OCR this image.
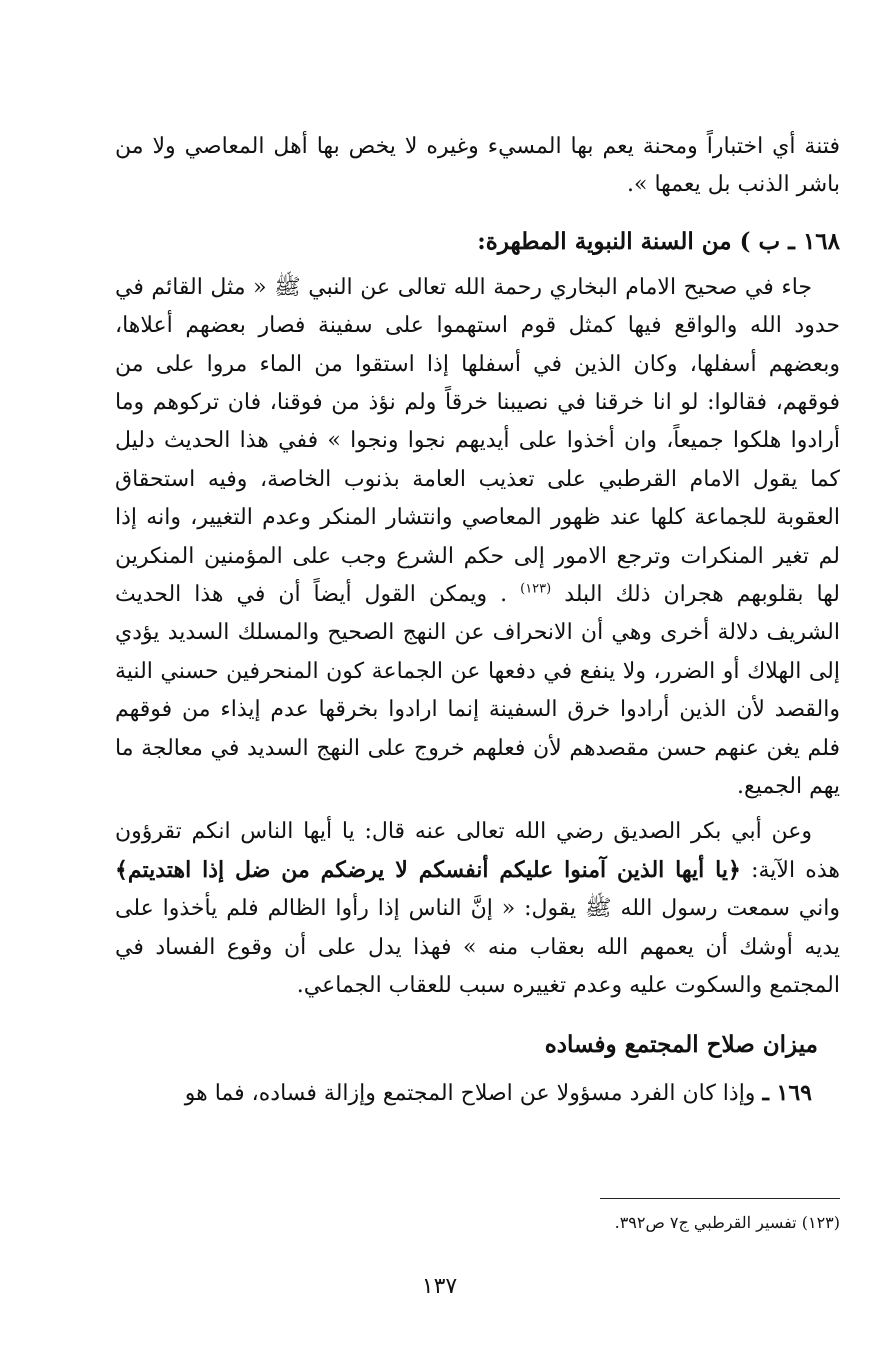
فتنة أي اختباراً ومحنة يعم بها المسيء وغيره لا يخص بها أهل المعاصي ولا من باشر الذنب بل يعمها ».

١٦٨ ـ ب ) من السنة النبوية المطهرة:

جاء في صحيح الامام البخاري رحمة الله تعالى عن النبي ﷺ « مثل القائم في حدود الله والواقع فيها كمثل قوم استهموا على سفينة فصار بعضهم أعلاها، وبعضهم أسفلها، وكان الذين في أسفلها إذا استقوا من الماء مروا على من فوقهم، فقالوا: لو انا خرقنا في نصيبنا خرقاً ولم نؤذ من فوقنا، فان تركوهم وما أرادوا هلكوا جميعاً، وان أخذوا على أيديهم نجوا ونجوا » ففي هذا الحديث دليل كما يقول الامام القرطبي على تعذيب العامة بذنوب الخاصة، وفيه استحقاق العقوبة للجماعة كلها عند ظهور المعاصي وانتشار المنكر وعدم التغيير، وانه إذا لم تغير المنكرات وترجع الامور إلى حكم الشرع وجب على المؤمنين المنكرين لها بقلوبهم هجران ذلك البلد $^{(١٢٣)}$ . ويمكن القول أيضاً أن في هذا الحديث الشريف دلالة أخرى وهي أن الانحراف عن النهج الصحيح والمسلك السديد يؤدي إلى الهلاك أو الضرر، ولا ينفع في دفعها عن الجماعة كون المنحرفين حسني النية والقصد لأن الذين أرادوا خرق السفينة إنما ارادوا بخرقها عدم إيذاء من فوقهم فلم يغن عنهم حسن مقصدهم لأن فعلهم خروج على النهج السديد في معالجة ما يهم الجميع.

وعن أبي بكر الصديق رضي الله تعالى عنه قال: يا أيها الناس انكم تقرؤون هذه الآية: ﴿يا أيها الذين آمنوا عليكم أنفسكم لا يرضكم من ضل إذا اهتديتم﴾ واني سمعت رسول الله ﷺ يقول: « إنَّ الناس إذا رأوا الظالم فلم يأخذوا على يديه أوشك أن يعمهم الله بعقاب منه » فهذا يدل على أن وقوع الفساد في المجتمع والسكوت عليه وعدم تغييره سبب للعقاب الجماعي.

ميزان صلاح المجتمع وفساده

١٦٩ ـ وإذا كان الفرد مسؤولا عن اصلاح المجتمع وإزالة فساده، فما هو

(١٢٣) تفسير القرطبي ج٧ ص٣٩٢.
١٣٧
